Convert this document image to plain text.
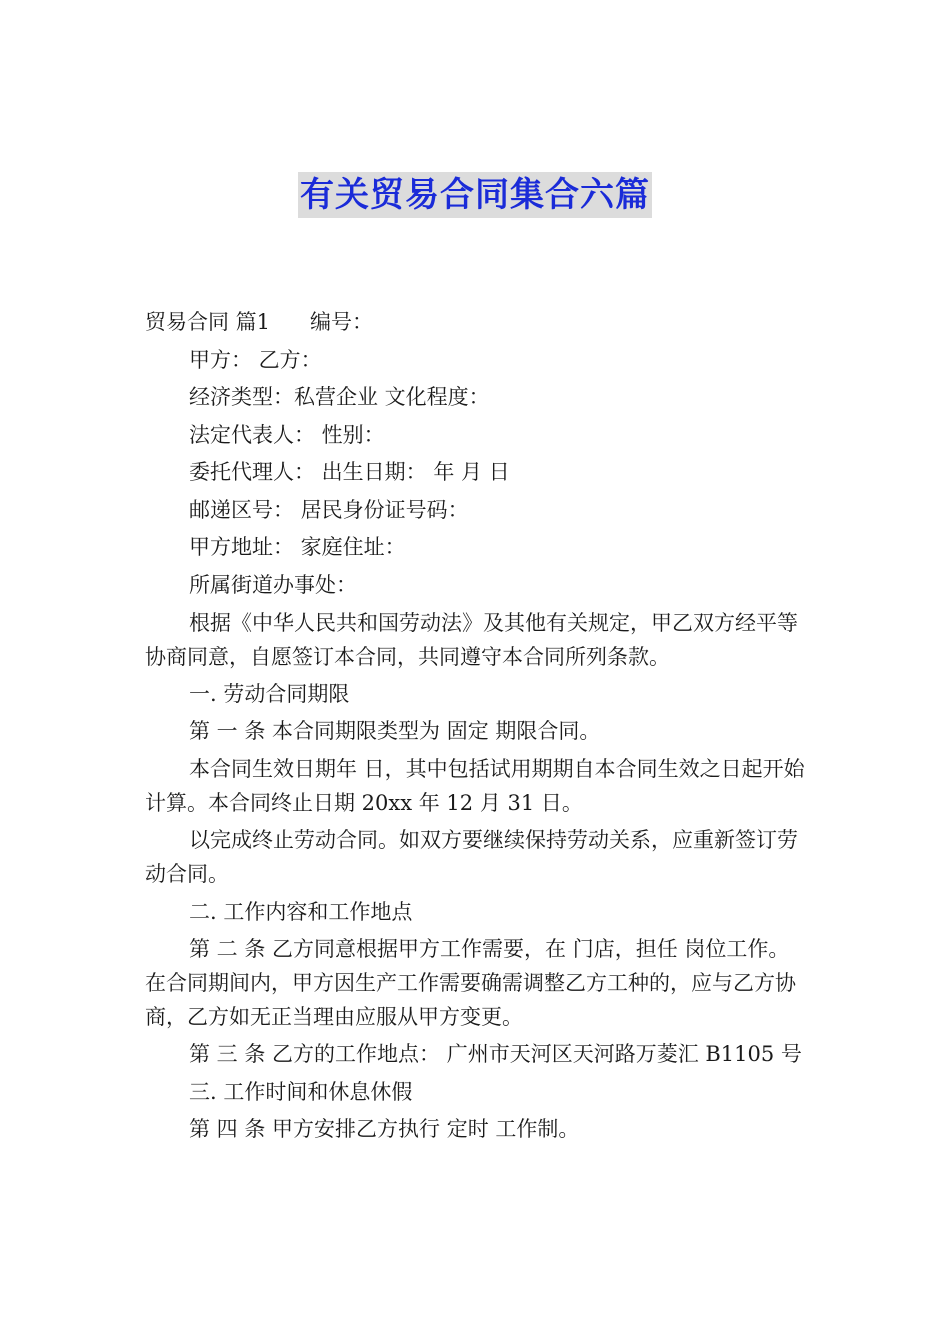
有关贸易合同集合六篇

贸易合同 篇1 编号：

甲方： 乙方：

经济类型：私营企业 文化程度：

法定代表人： 性别：

委托代理人： 出生日期： 年 月 日

邮递区号： 居民身份证号码：

甲方地址： 家庭住址：

所属街道办事处：

根据《中华人民共和国劳动法》及其他有关规定，甲乙双方经平等协商同意，自愿签订本合同，共同遵守本合同所列条款。

一. 劳动合同期限

第 一 条 本合同期限类型为 固定 期限合同。

本合同生效日期年 日，其中包括试用期期自本合同生效之日起开始计算。本合同终止日期 20xx 年 12 月 31 日。

以完成终止劳动合同。如双方要继续保持劳动关系，应重新签订劳动合同。

二. 工作内容和工作地点

第 二 条 乙方同意根据甲方工作需要，在 门店，担任 岗位工作。在合同期间内，甲方因生产工作需要确需调整乙方工种的，应与乙方协商，乙方如无正当理由应服从甲方变更。

第 三 条 乙方的工作地点： 广州市天河区天河路万菱汇 B1105 号

三. 工作时间和休息休假

第 四 条 甲方安排乙方执行 定时 工作制。
